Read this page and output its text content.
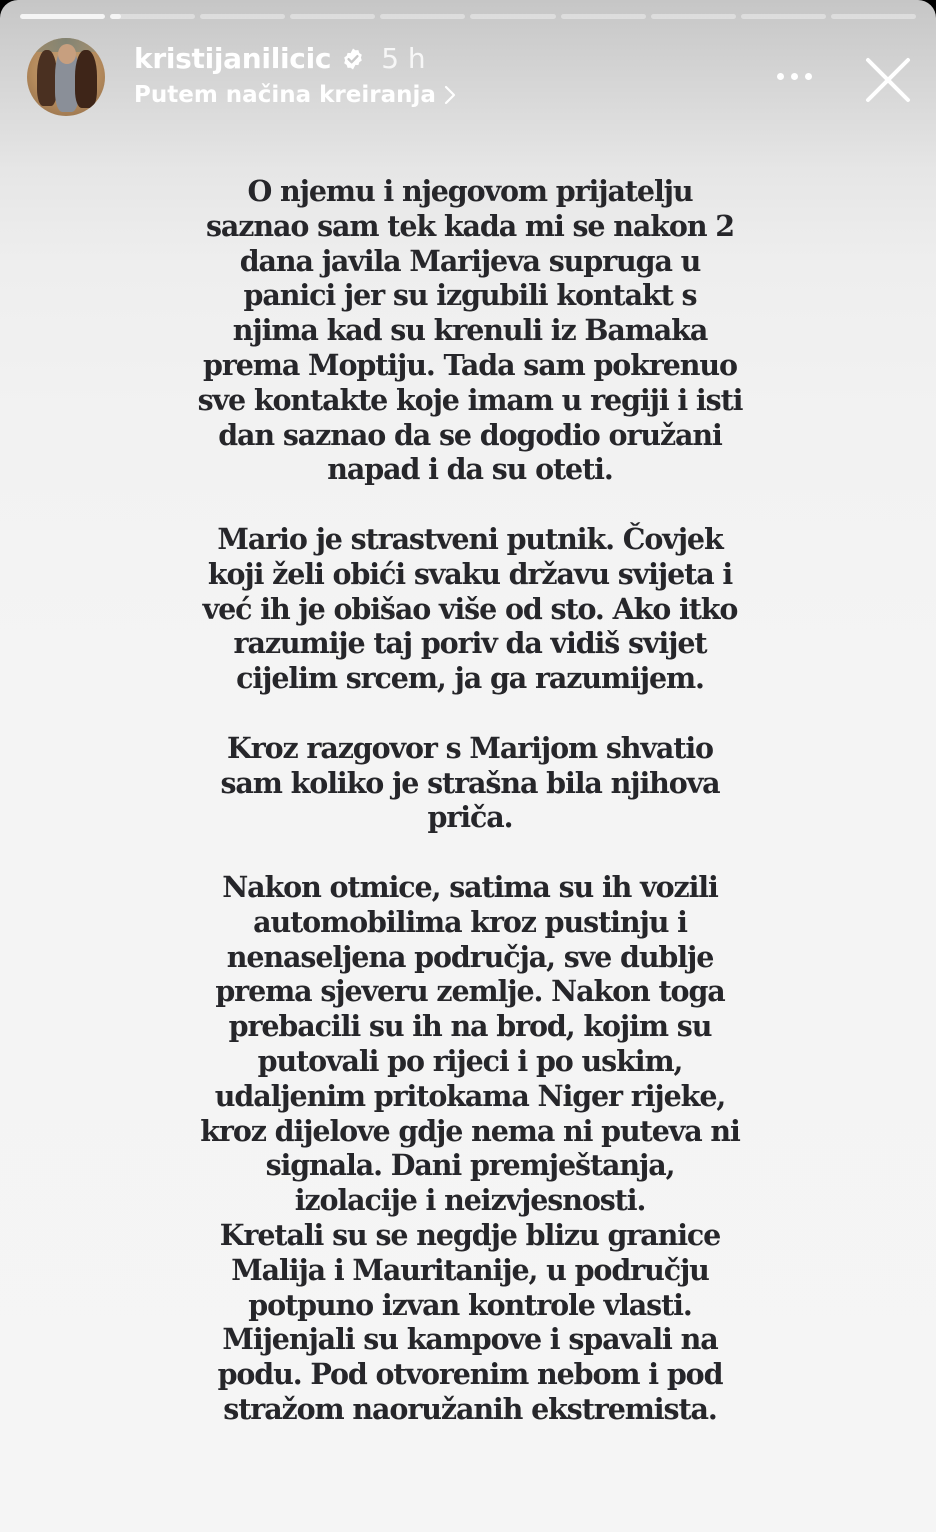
kristijanilicic 5 h
Putem načina kreiranja

O njemu i njegovom prijatelju
saznao sam tek kada mi se nakon 2
dana javila Marijeva supruga u
panici jer su izgubili kontakt s
njima kad su krenuli iz Bamaka
prema Moptiju. Tada sam pokrenuo
sve kontakte koje imam u regiji i isti
dan saznao da se dogodio oružani
napad i da su oteti.

Mario je strastveni putnik. Čovjek
koji želi obići svaku državu svijeta i
već ih je obišao više od sto. Ako itko
razumije taj poriv da vidiš svijet
cijelim srcem, ja ga razumijem.

Kroz razgovor s Marijom shvatio
sam koliko je strašna bila njihova
priča.

Nakon otmice, satima su ih vozili
automobilima kroz pustinju i
nenaseljena područja, sve dublje
prema sjeveru zemlje. Nakon toga
prebacili su ih na brod, kojim su
putovali po rijeci i po uskim,
udaljenim pritokama Niger rijeke,
kroz dijelove gdje nema ni puteva ni
signala. Dani premještanja,
izolacije i neizvjesnosti.
Kretali su se negdje blizu granice
Malija i Mauritanije, u području
potpuno izvan kontrole vlasti.
Mijenjali su kampove i spavali na
podu. Pod otvorenim nebom i pod
stražom naoružanih ekstremista.
